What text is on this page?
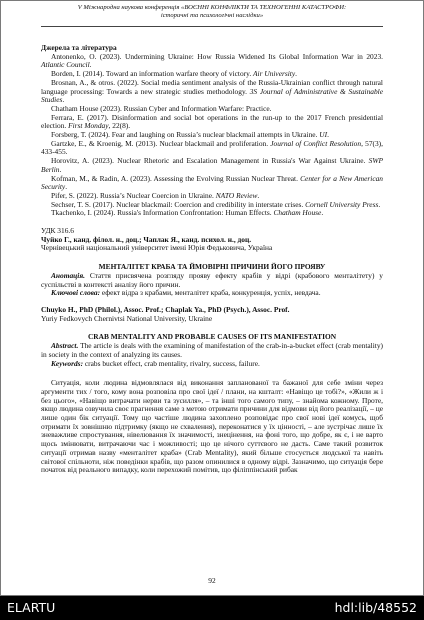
V Міжнародна наукова конференція «ВОЄННІ КОНФЛІКТИ ТА ТЕХНОГЕННІ КАТАСТРОФИ:
історичні та психологічні наслідки»

Джерела та література

Antonenko, O. (2023). Undermining Ukraine: How Russia Widened Its Global Information War in 2023. Atlantic Council.

Borden, I. (2014). Toward an information warfare theory of victory. Air University.

Brosnan, A., & otros. (2022). Social media sentiment analysis of the Russia-Ukrainian conflict through natural language processing: Towards a new strategic studies methodology. 3S Journal of Administrative & Sustainable Studies.

Chatham House (2023). Russian Cyber and Information Warfare: Practice.

Ferrara, E. (2017). Disinformation and social bot operations in the run-up to the 2017 French presidential election. First Monday, 22(8).

Forsberg, T. (2024). Fear and laughing on Russia’s nuclear blackmail attempts in Ukraine. UI.

Gartzke, E., & Kroenig, M. (2013). Nuclear blackmail and proliferation. Journal of Conflict Resolution, 57(3), 433-455.

Horovitz, A. (2023). Nuclear Rhetoric and Escalation Management in Russia's War Against Ukraine. SWP Berlin.

Kofman, M., & Radin, A. (2023). Assessing the Evolving Russian Nuclear Threat. Center for a New American Security.

Pifer, S. (2022). Russia’s Nuclear Coercion in Ukraine. NATO Review.

Sechser, T. S. (2017). Nuclear blackmail: Coercion and credibility in interstate crises. Cornell University Press.

Tkachenko, I. (2024). Russia's Information Confrontation: Human Effects. Chatham House.

УДК 316.6

Чуйко Г., канд. філол. н., доц.; Чаплак Я., канд. психол. н., доц.

Чернівецький національний університет імені Юрія Федьковича, Україна

МЕНТАЛІТЕТ КРАБА ТА ЙМОВІРНІ ПРИЧИНИ ЙОГО ПРОЯВУ

Анотація. Стаття присвячена розгляду прояву ефекту крабів у відрі (крабового менталітету) у суспільстві в контексті аналізу його причин.

Ключові слова: ефект відра з крабами, менталітет краба, конкуренція, успіх, невдача.

Chuyko H., PhD (Philol.), Assoc. Prof.; Chaplak Ya., PhD (Psych.), Assoc. Prof.

Yuriy Fedkovych Chernivtsi National University, Ukraine

CRAB MENTALITY AND PROBABLE CAUSES OF ITS MANIFESTATION

Abstract. The article is deals with the examining of manifestation of the crab-in-a-bucket effect (crab mentality) in society in the context of analyzing its causes.

Keywords: crabs bucket effect, crab mentality, rivalry, success, failure.

Ситуація, коли людина відмовлялася від виконання запланованої та бажаної для себе зміни через аргументи тих / того, кому вона розповіла про свої ідеї / плани, на кшталт: «Навіщо це тобі?», «Жили ж і без цього», «Навіщо витрачати нерви та зусилля», – та інші того самого типу, – знайома кожному. Проте, якщо людина озвучила своє прагнення саме з метою отримати причини для відмови від його реалізації, – це лише один бік ситуації. Тому що частіше людина захоплено розповідає про свої нові ідеї комусь, щоб отримати їх зовнішню підтримку (якщо не схвалення), переконатися у їх цінності, – але зустрічає лише їх зневажливе спростування, нівелювання їх значимості, знецінення, на фоні того, що добре, як є, і не варто щось змінювати, витрачаючи час і можливості; що це нічого суттєвого не дасть. Саме такий розвиток ситуації отримав назву «менталітет краба» (Crab Mentality), який більше стосується людської та навіть світової спільноти, ніж поведінки крабів, що разом опинилися в одному відрі. Зазначимо, що ситуація бере початок від реального випадку, коли перехожий помітив, що філіппінський рибак

92
ELARTU	hdl:lib/48552
